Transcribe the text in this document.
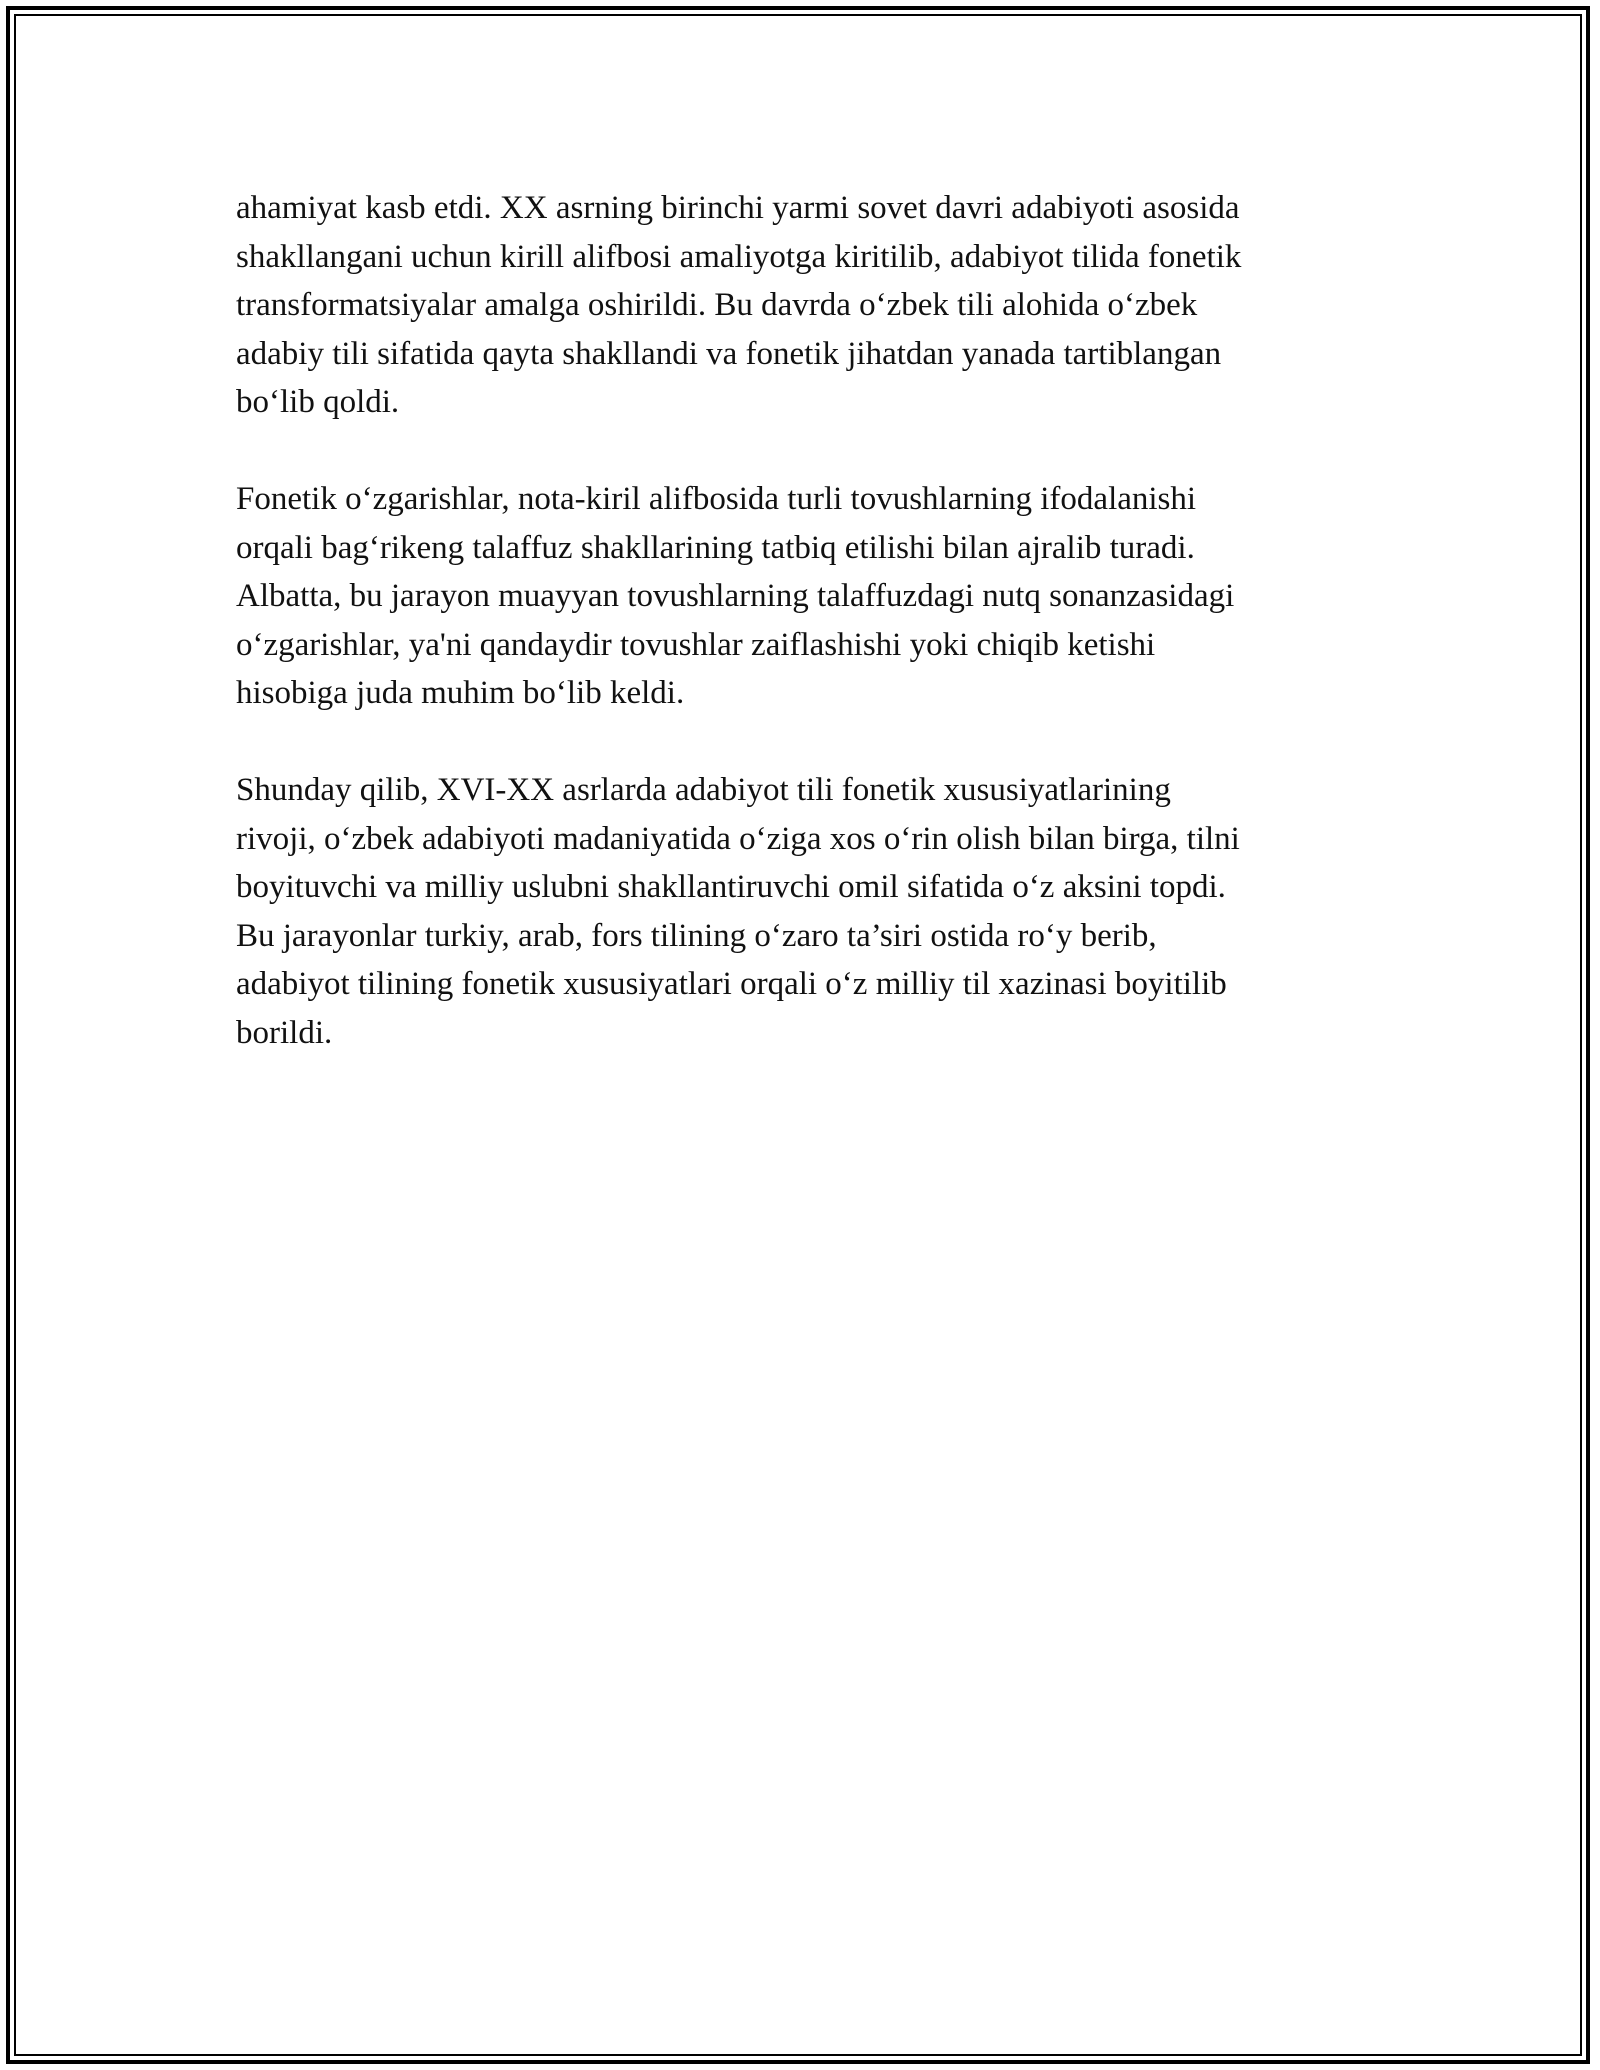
ahamiyat kasb etdi. XX asrning birinchi yarmi sovet davri adabiyoti asosida
shakllangani uchun kirill alifbosi amaliyotga kiritilib, adabiyot tilida fonetik
transformatsiyalar amalga oshirildi. Bu davrda oʻzbek tili alohida oʻzbek
adabiy tili sifatida qayta shakllandi va fonetik jihatdan yanada tartiblangan
boʻlib qoldi.

Fonetik oʻzgarishlar, nota-kiril alifbosida turli tovushlarning ifodalanishi
orqali bagʻrikeng talaffuz shakllarining tatbiq etilishi bilan ajralib turadi.
Albatta, bu jarayon muayyan tovushlarning talaffuzdagi nutq sonanzasidagi
oʻzgarishlar, ya'ni qandaydir tovushlar zaiflashishi yoki chiqib ketishi
hisobiga juda muhim boʻlib keldi.

Shunday qilib, XVI-XX asrlarda adabiyot tili fonetik xususiyatlarining
rivoji, oʻzbek adabiyoti madaniyatida oʻziga xos oʻrin olish bilan birga, tilni
boyituvchi va milliy uslubni shakllantiruvchi omil sifatida oʻz aksini topdi.
Bu jarayonlar turkiy, arab, fors tilining oʻzaro ta’siri ostida roʻy berib,
adabiyot tilining fonetik xususiyatlari orqali oʻz milliy til xazinasi boyitilib
borildi.
